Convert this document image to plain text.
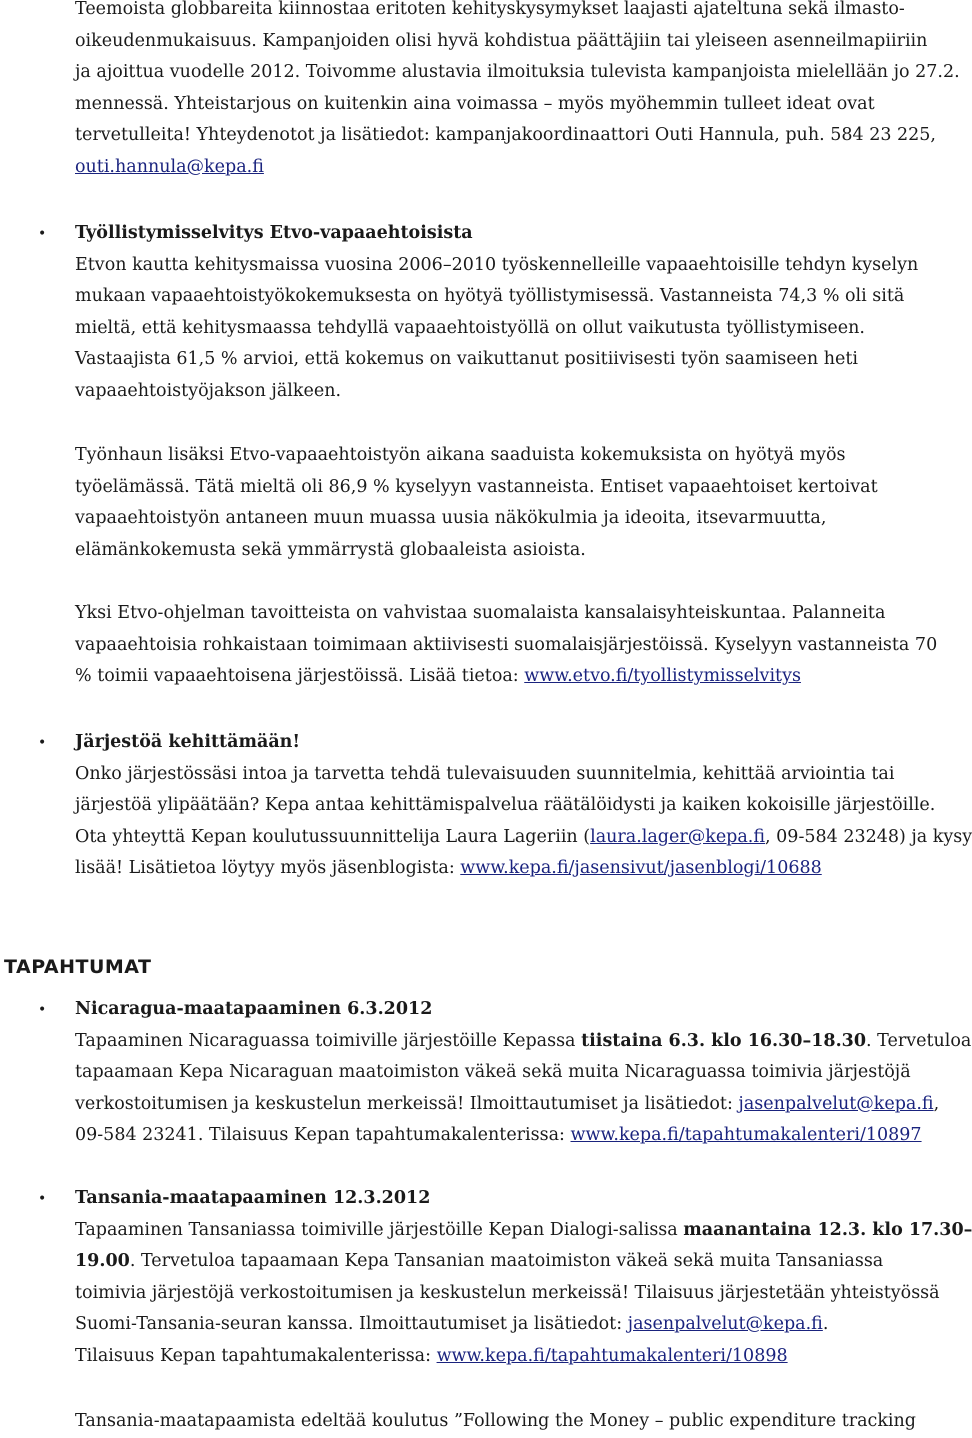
Teemoista globbareita kiinnostaa eritoten kehityskysymykset laajasti ajateltuna sekä ilmasto-
oikeudenmukaisuus. Kampanjoiden olisi hyvä kohdistua päättäjiin tai yleiseen asenneilmapiiriin
ja ajoittua vuodelle 2012. Toivomme alustavia ilmoituksia tulevista kampanjoista mielellään jo 27.2.
mennessä. Yhteistarjous on kuitenkin aina voimassa – myös myöhemmin tulleet ideat ovat
tervetulleita! Yhteydenotot ja lisätiedot: kampanjakoordinaattori Outi Hannula, puh. 584 23 225,
outi.hannula@kepa.fi
• Työllistymisselvitys Etvo-vapaaehtoisista
Etvon kautta kehitysmaissa vuosina 2006–2010 työskennelleille vapaaehtoisille tehdyn kyselyn
mukaan vapaaehtoistyökokemuksesta on hyötyä työllistymisessä. Vastanneista 74,3 % oli sitä
mieltä, että kehitysmaassa tehdyllä vapaaehtoistyöllä on ollut vaikutusta työllistymiseen.
Vastaajista 61,5 % arvioi, että kokemus on vaikuttanut positiivisesti työn saamiseen heti
vapaaehtoistyöjakson jälkeen.
Työnhaun lisäksi Etvo-vapaaehtoistyön aikana saaduista kokemuksista on hyötyä myös
työelämässä. Tätä mieltä oli 86,9 % kyselyyn vastanneista. Entiset vapaaehtoiset kertoivat
vapaaehtoistyön antaneen muun muassa uusia näkökulmia ja ideoita, itsevarmuutta,
elämänkokemusta sekä ymmärrystä globaaleista asioista.
Yksi Etvo-ohjelman tavoitteista on vahvistaa suomalaista kansalaisyhteiskuntaa. Palanneita
vapaaehtoisia rohkaistaan toimimaan aktiivisesti suomalaisjärjestöissä. Kyselyyn vastanneista 70
% toimii vapaaehtoisena järjestöissä. Lisää tietoa: www.etvo.fi/tyollistymisselvitys
• Järjestöä kehittämään!
Onko järjestössäsi intoa ja tarvetta tehdä tulevaisuuden suunnitelmia, kehittää arviointia tai
järjestöä ylipäätään? Kepa antaa kehittämispalvelua räätälöidysti ja kaiken kokoisille järjestöille.
Ota yhteyttä Kepan koulutussuunnittelija Laura Lageriin (laura.lager@kepa.fi, 09-584 23248) ja kysy
lisää! Lisätietoa löytyy myös jäsenblogista: www.kepa.fi/jasensivut/jasenblogi/10688
TAPAHTUMAT
• Nicaragua-maatapaaminen 6.3.2012
Tapaaminen Nicaraguassa toimiville järjestöille Kepassa tiistaina 6.3. klo 16.30–18.30. Tervetuloa
tapaamaan Kepa Nicaraguan maatoimiston väkeä sekä muita Nicaraguassa toimivia järjestöjä
verkostoitumisen ja keskustelun merkeissä! Ilmoittautumiset ja lisätiedot: jasenpalvelut@kepa.fi,
09-584 23241. Tilaisuus Kepan tapahtumakalenterissa: www.kepa.fi/tapahtumakalenteri/10897
• Tansania-maatapaaminen 12.3.2012
Tapaaminen Tansaniassa toimiville järjestöille Kepan Dialogi-salissa maanantaina 12.3. klo 17.30–
19.00. Tervetuloa tapaamaan Kepa Tansanian maatoimiston väkeä sekä muita Tansaniassa
toimivia järjestöjä verkostoitumisen ja keskustelun merkeissä! Tilaisuus järjestetään yhteistyössä
Suomi-Tansania-seuran kanssa. Ilmoittautumiset ja lisätiedot: jasenpalvelut@kepa.fi.
Tilaisuus Kepan tapahtumakalenterissa: www.kepa.fi/tapahtumakalenteri/10898
Tansania-maatapaamista edeltää koulutus ”Following the Money – public expenditure tracking
